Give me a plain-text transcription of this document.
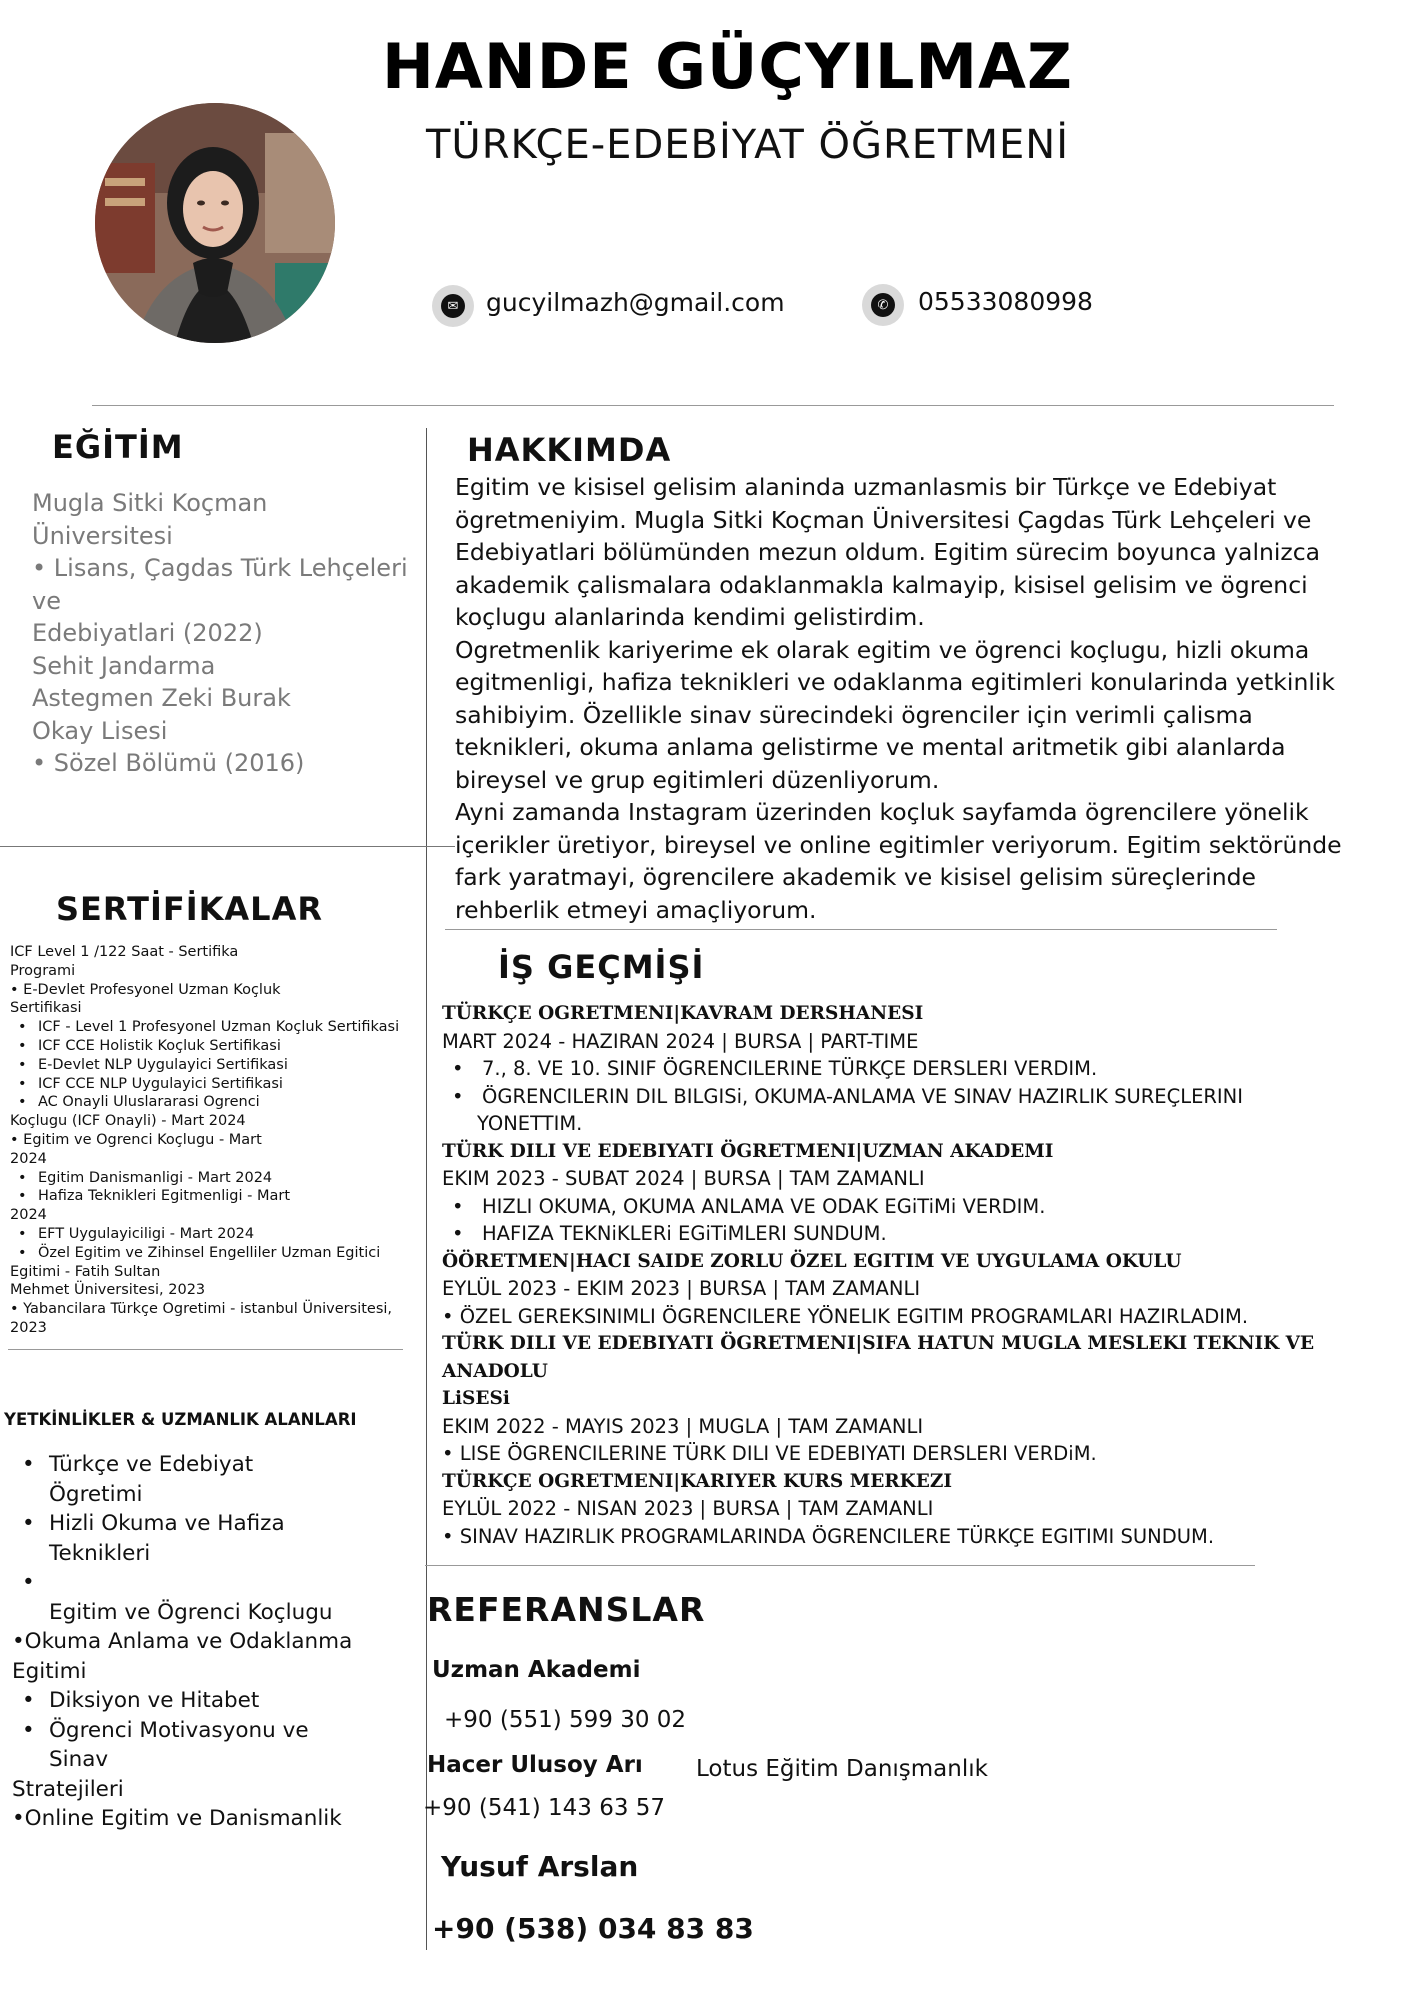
HANDE GÜÇYILMAZ
TÜRKÇE-EDEBİYAT ÖĞRETMENİ
✉ gucyilmazh@gmail.com	✆ 05533080998
EĞİTİM
Mugla Sitki Koçman
Üniversitesi
• Lisans, Çagdas Türk Lehçeleri
ve
Edebiyatlari (2022)
Sehit Jandarma
Astegmen Zeki Burak
Okay Lisesi
• Sözel Bölümü (2016)
HAKKIMDA
Egitim ve kisisel gelisim alaninda uzmanlasmis bir Türkçe ve Edebiyat
ögretmeniyim. Mugla Sitki Koçman Üniversitesi Çagdas Türk Lehçeleri ve
Edebiyatlari bölümünden mezun oldum. Egitim sürecim boyunca yalnizca
akademik çalismalara odaklanmakla kalmayip, kisisel gelisim ve ögrenci
koçlugu alanlarinda kendimi gelistirdim.
Ogretmenlik kariyerime ek olarak egitim ve ögrenci koçlugu, hizli okuma
egitmenligi, hafiza teknikleri ve odaklanma egitimleri konularinda yetkinlik
sahibiyim. Özellikle sinav sürecindeki ögrenciler için verimli çalisma
teknikleri, okuma anlama gelistirme ve mental aritmetik gibi alanlarda
bireysel ve grup egitimleri düzenliyorum.
Ayni zamanda Instagram üzerinden koçluk sayfamda ögrencilere yönelik
içerikler üretiyor, bireysel ve online egitimler veriyorum. Egitim sektöründe
fark yaratmayi, ögrencilere akademik ve kisisel gelisim süreçlerinde
rehberlik etmeyi amaçliyorum.
SERTİFİKALAR
ICF Level 1 /122 Saat - Sertifika
Programi
• E-Devlet Profesyonel Uzman Koçluk
Sertifikasi
• ICF - Level 1 Profesyonel Uzman Koçluk Sertifikasi
• ICF CCE Holistik Koçluk Sertifikasi
• E-Devlet NLP Uygulayici Sertifikasi
• ICF CCE NLP Uygulayici Sertifikasi
• AC Onayli Uluslararasi Ogrenci
Koçlugu (ICF Onayli) - Mart 2024
• Egitim ve Ogrenci Koçlugu - Mart
2024
• Egitim Danismanligi - Mart 2024
• Hafiza Teknikleri Egitmenligi - Mart
2024
• EFT Uygulayiciligi - Mart 2024
• Özel Egitim ve Zihinsel Engelliler Uzman Egitici
Egitimi - Fatih Sultan
Mehmet Üniversitesi, 2023
• Yabancilara Türkçe Ogretimi - istanbul Üniversitesi,
2023
YETKİNLİKLER & UZMANLIK ALANLARI
• Türkçe ve Edebiyat
Ögretimi
• Hizli Okuma ve Hafiza
Teknikleri
•
Egitim ve Ögrenci Koçlugu
•Okuma Anlama ve Odaklanma
Egitimi
• Diksiyon ve Hitabet
• Ögrenci Motivasyonu ve
Sinav
Stratejileri
•Online Egitim ve Danismanlik
İŞ GEÇMİŞİ
TÜRKÇE OGRETMENI|KAVRAM DERSHANESI
MART 2024 - HAZIRAN 2024 | BURSA | PART-TIME
• 7., 8. VE 10. SINIF ÖGRENCILERINE TÜRKÇE DERSLERI VERDIM.
• ÖGRENCILERIN DIL BILGISi, OKUMA-ANLAMA VE SINAV HAZIRLIK SUREÇLERINI
YONETTIM.
TÜRK DILI VE EDEBIYATI ÖGRETMENI|UZMAN AKADEMI
EKIM 2023 - SUBAT 2024 | BURSA | TAM ZAMANLI
• HIZLI OKUMA, OKUMA ANLAMA VE ODAK EGiTiMi VERDIM.
• HAFIZA TEKNiKLERi EGiTiMLERI SUNDUM.
ÖÖRETMEN|HACI SAIDE ZORLU ÖZEL EGITIM VE UYGULAMA OKULU
EYLÜL 2023 - EKIM 2023 | BURSA | TAM ZAMANLI
• ÖZEL GEREKSINIMLI ÖGRENCILERE YÖNELIK EGITIM PROGRAMLARI HAZIRLADIM.
TÜRK DILI VE EDEBIYATI ÖGRETMENI|SIFA HATUN MUGLA MESLEKI TEKNIK VE ANADOLU
LiSESi
EKIM 2022 - MAYIS 2023 | MUGLA | TAM ZAMANLI
• LISE ÖGRENCILERINE TÜRK DILI VE EDEBIYATI DERSLERI VERDiM.
TÜRKÇE OGRETMENI|KARIYER KURS MERKEZI
EYLÜL 2022 - NISAN 2023 | BURSA | TAM ZAMANLI
• SINAV HAZIRLIK PROGRAMLARINDA ÖGRENCILERE TÜRKÇE EGITIMI SUNDUM.
REFERANSLAR
Uzman Akademi
+90 (551) 599 30 02
Hacer Ulusoy Arı Lotus Eğitim Danışmanlık
+90 (541) 143 63 57
Yusuf Arslan
+90 (538) 034 83 83
